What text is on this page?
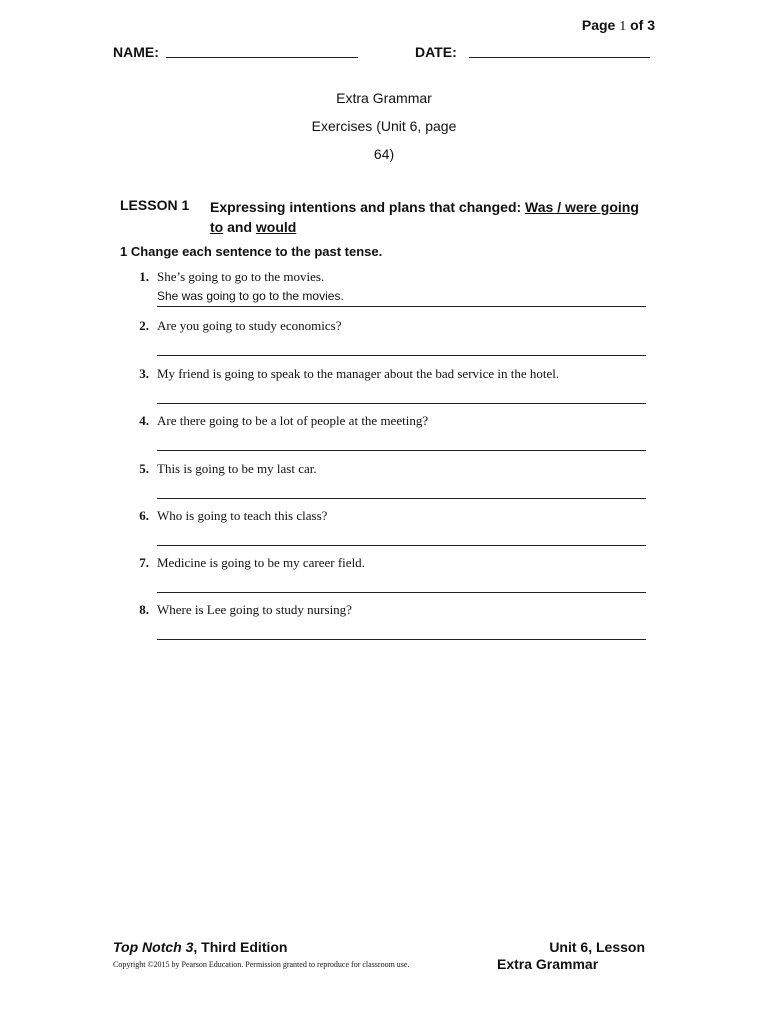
Page 1 of 3
NAME:	DATE:
Extra Grammar
Exercises (Unit 6, page
64)
LESSON 1 Expressing intentions and plans that changed: Was / were going to and would
1 Change each sentence to the past tense.
1. She’s going to go to the movies.
She was going to go to the movies.
2. Are you going to study economics?
3. My friend is going to speak to the manager about the bad service in the hotel.
4. Are there going to be a lot of people at the meeting?
5. This is going to be my last car.
6. Who is going to teach this class?
7. Medicine is going to be my career field.
8. Where is Lee going to study nursing?
Top Notch 3, Third Edition	Unit 6, Lesson
Copyright ©2015 by Pearson Education. Permission granted to reproduce for classroom use.	Extra Grammar
